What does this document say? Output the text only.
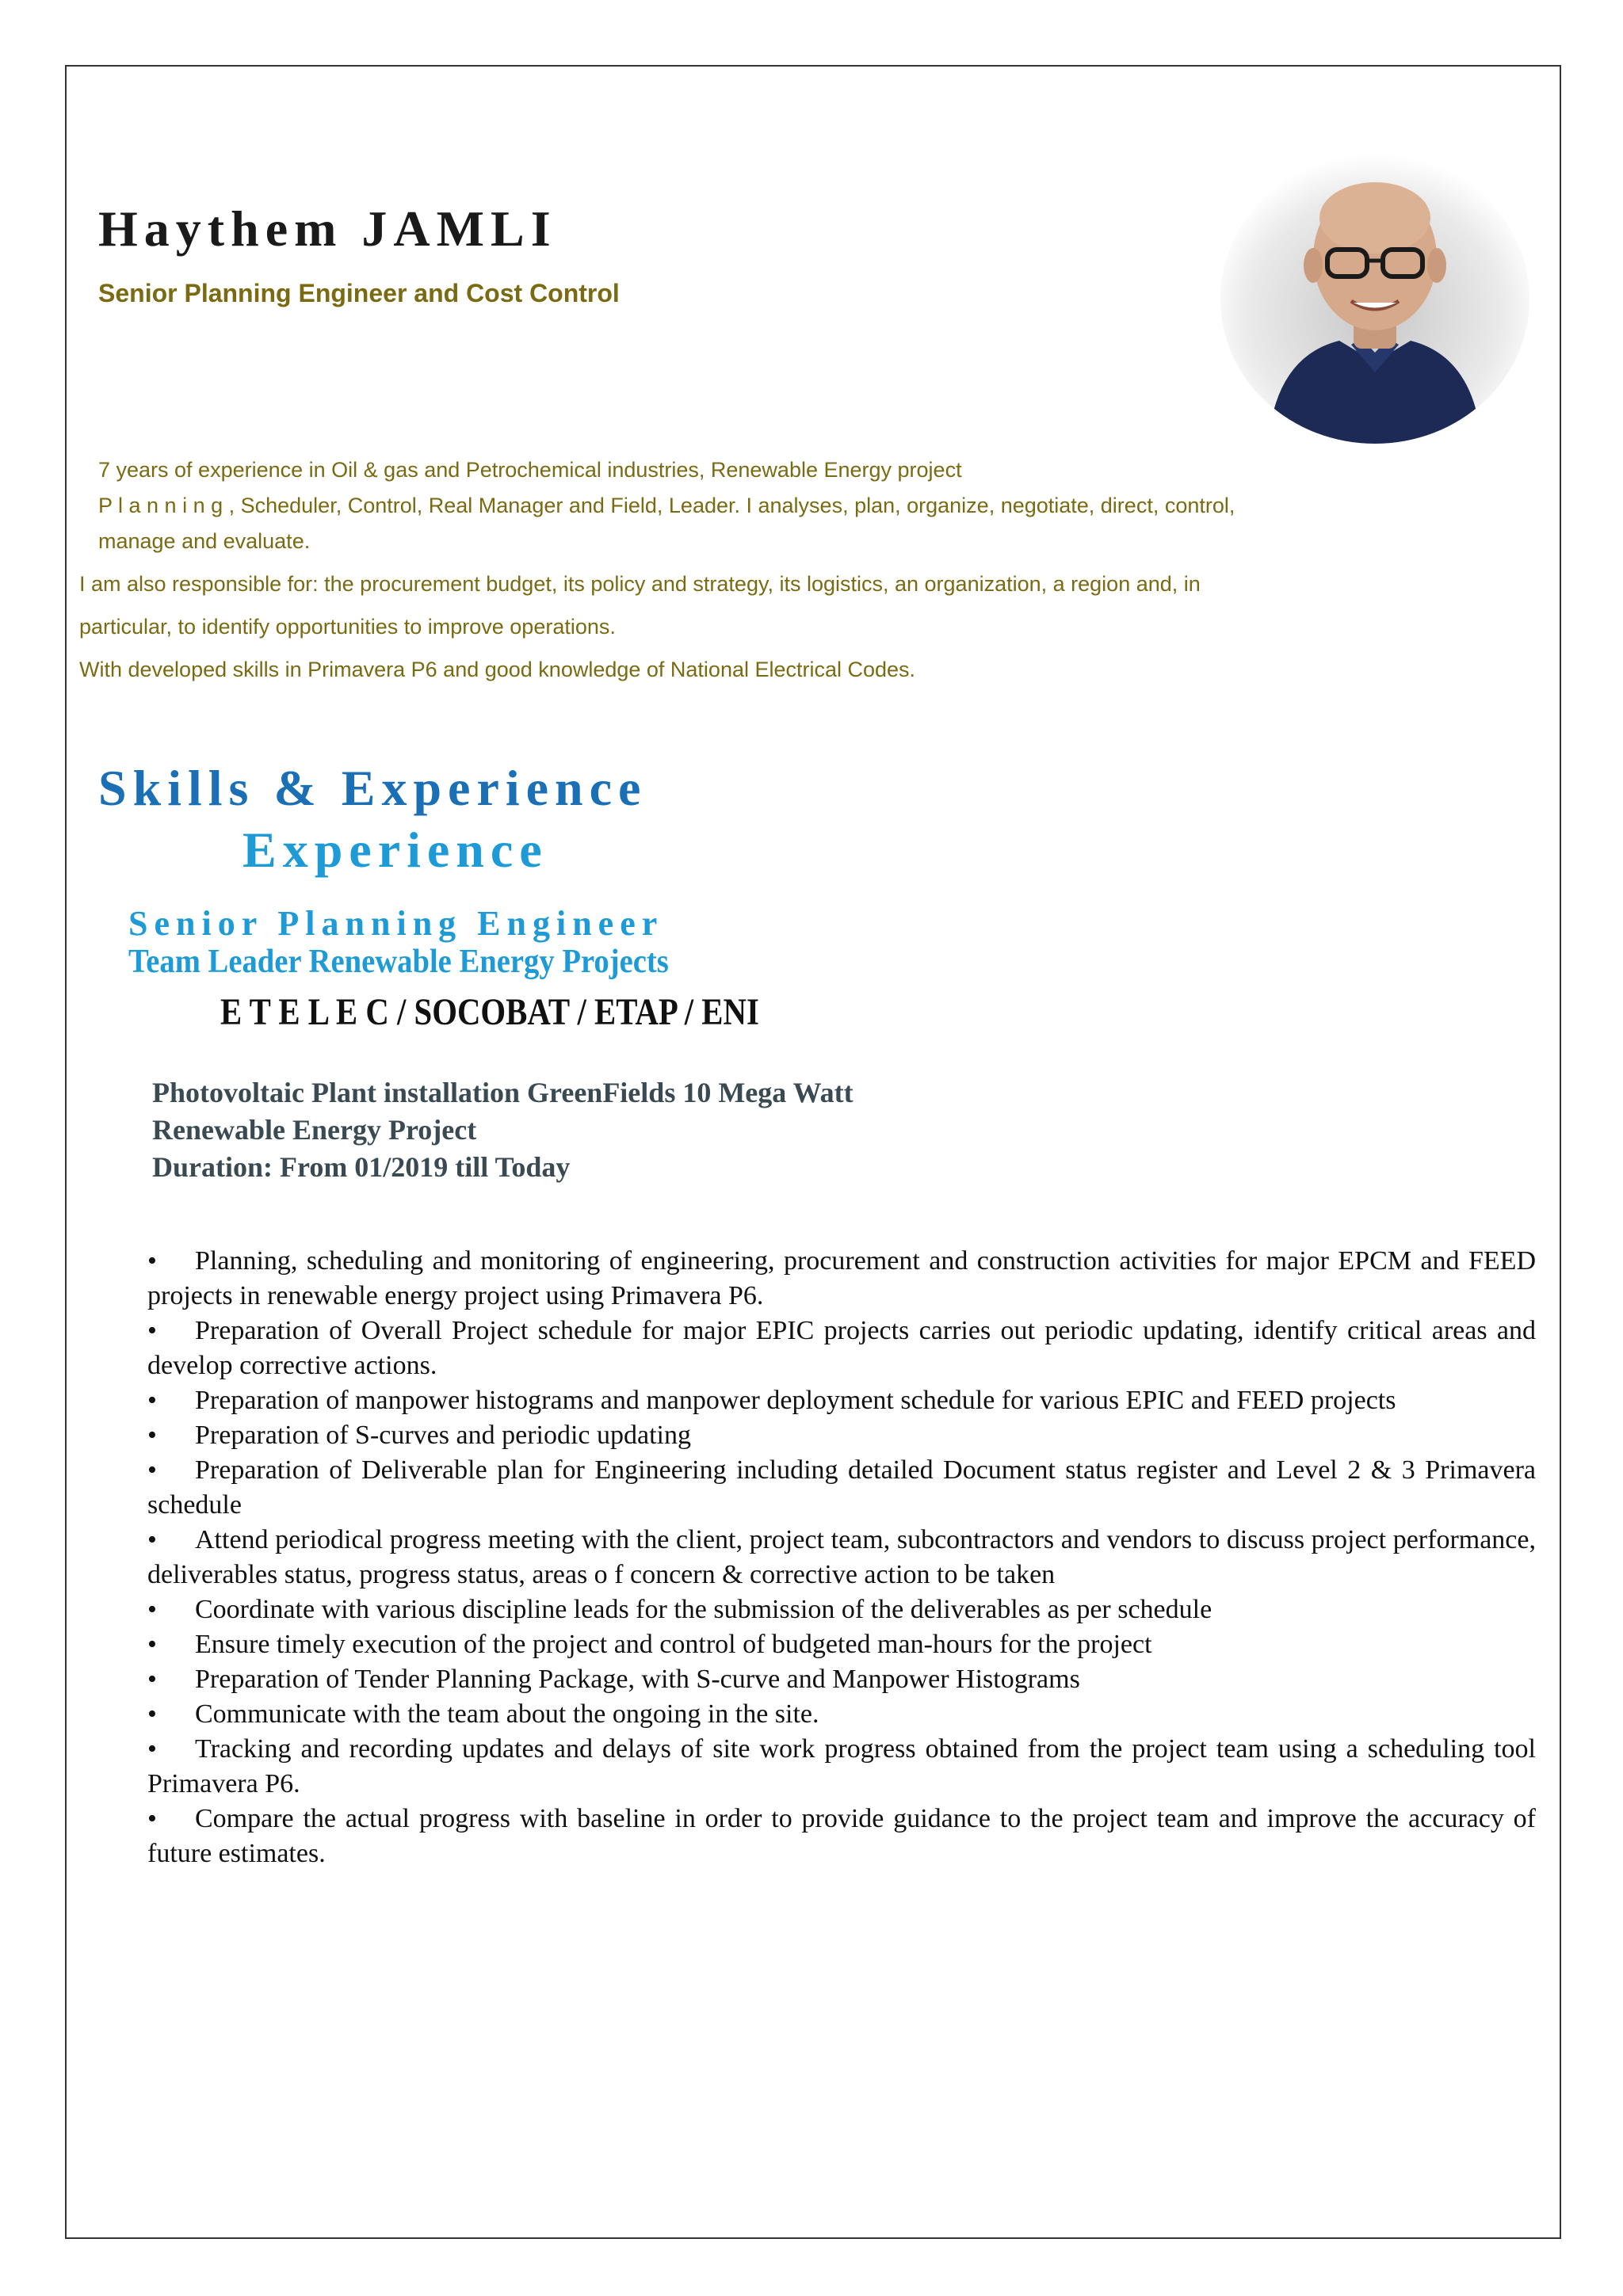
Haythem JAMLI

Senior Planning Engineer and Cost Control

7 years of experience in Oil & gas and Petrochemical industries, Renewable Energy project

P l a n n i n g , Scheduler, Control, Real Manager and Field, Leader. I analyses, plan, organize, negotiate, direct, control,

manage and evaluate.

I am also responsible for: the procurement budget, its policy and strategy, its logistics, an organization, a region and, in

particular, to identify opportunities to improve operations.

With developed skills in Primavera P6 and good knowledge of National Electrical Codes.

Skills & Experience
Experience

Senior Planning Engineer

Team Leader Renewable Energy Projects

E T E L E C / SOCOBAT / ETAP / ENI

Photovoltaic Plant installation GreenFields 10 Mega Watt

Renewable Energy Project

Duration: From 01/2019 till Today

• Planning, scheduling and monitoring of engineering, procurement and construction activities for major EPCM and FEED projects in renewable energy project using Primavera P6.
• Preparation of Overall Project schedule for major EPIC projects carries out periodic updating, identify critical areas and develop corrective actions.
• Preparation of manpower histograms and manpower deployment schedule for various EPIC and FEED projects
• Preparation of S-curves and periodic updating
• Preparation of Deliverable plan for Engineering including detailed Document status register and Level 2 & 3 Primavera schedule
• Attend periodical progress meeting with the client, project team, subcontractors and vendors to discuss project performance, deliverables status, progress status, areas o f concern & corrective action to be taken
• Coordinate with various discipline leads for the submission of the deliverables as per schedule
• Ensure timely execution of the project and control of budgeted man-hours for the project
• Preparation of Tender Planning Package, with S-curve and Manpower Histograms
• Communicate with the team about the ongoing in the site.
• Tracking and recording updates and delays of site work progress obtained from the project team using a scheduling tool Primavera P6.
• Compare the actual progress with baseline in order to provide guidance to the project team and improve the accuracy of future estimates.
